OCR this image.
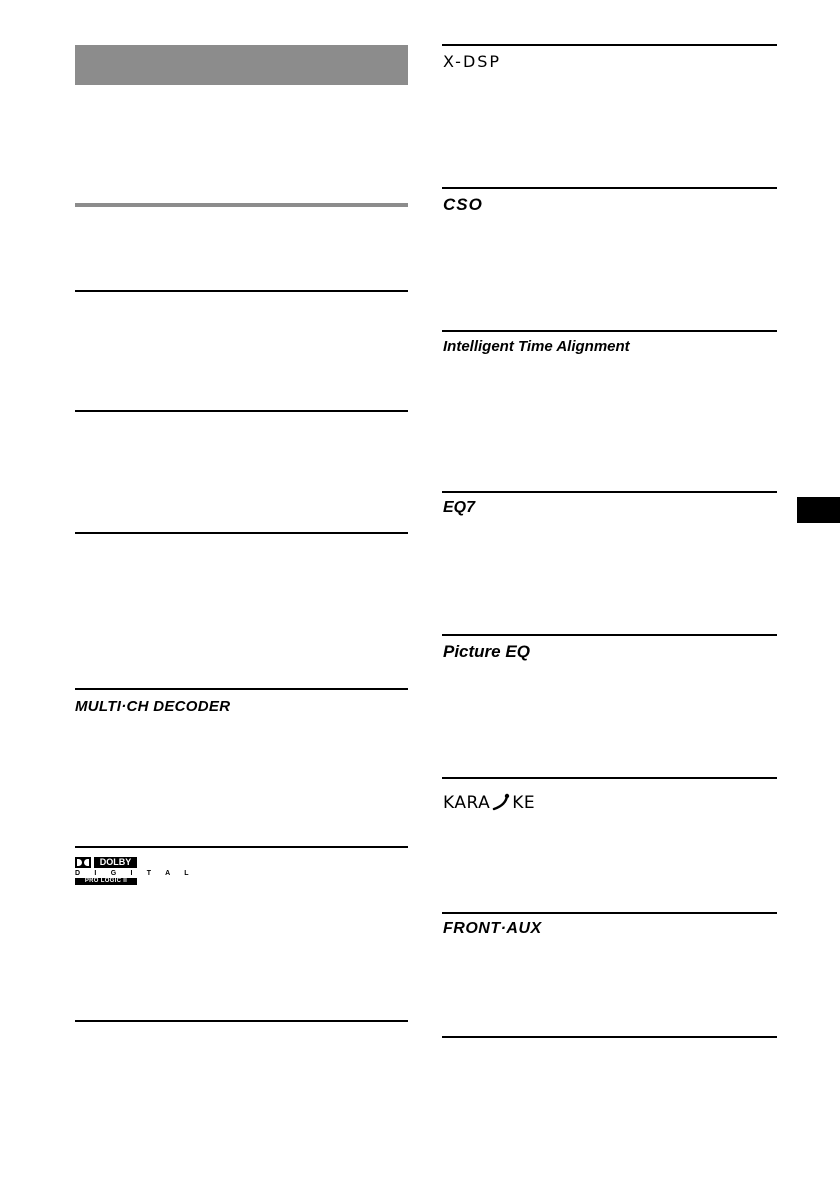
MULTI·CH DECODER
DOLBY
D I G I T A L
PRO LOGIC II
X-DSP
CSO
Intelligent Time Alignment
EQ7
Picture EQ
KARA KE
FRONT·AUX
